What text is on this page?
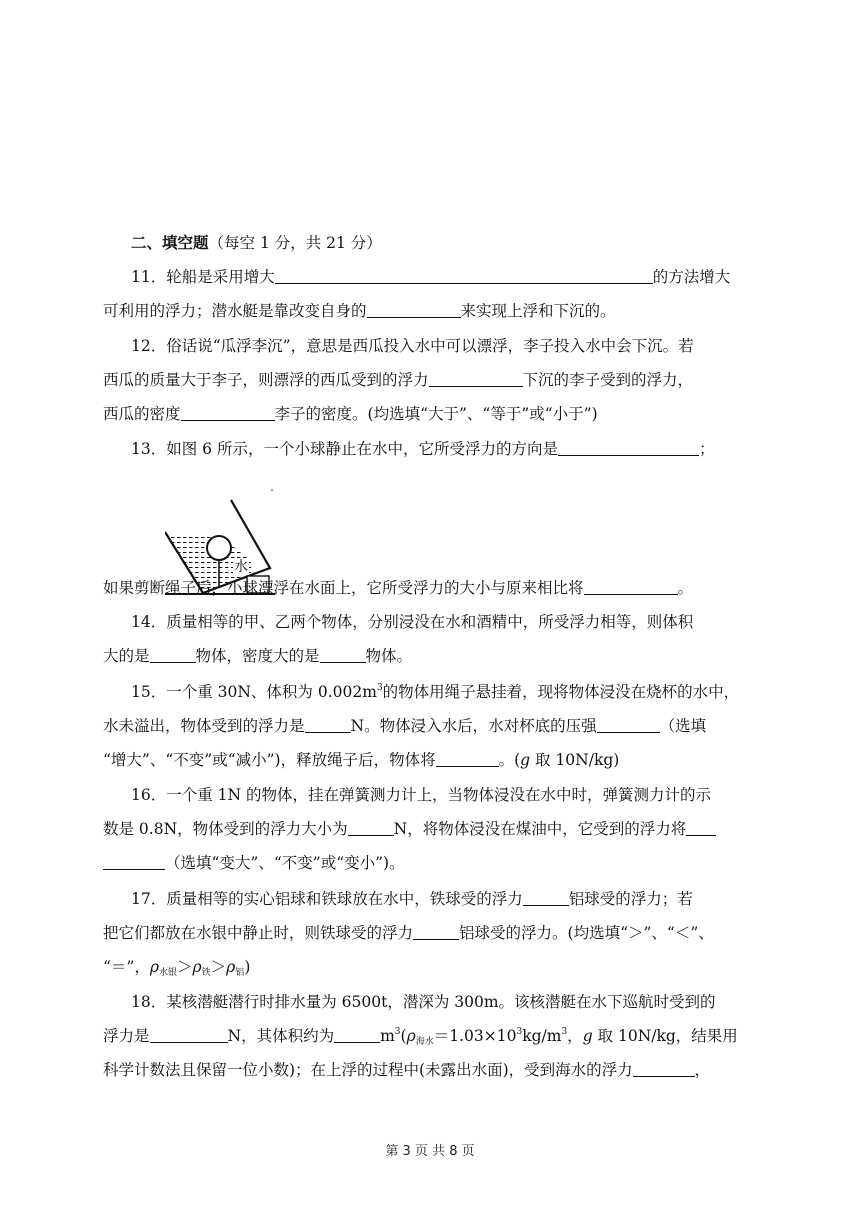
二、填空题（每空 1 分，共 21 分）
11．轮船是采用增大	的方法增大
可利用的浮力；潜水艇是靠改变自身的	来实现上浮和下沉的。
12．俗话说“瓜浮李沉”，意思是西瓜投入水中可以漂浮，李子投入水中会下沉。若
西瓜的质量大于李子，则漂浮的西瓜受到的浮力	下沉的李子受到的浮力，
西瓜的密度	李子的密度。(均选填“大于”、“等于”或“小于”)
13．如图 6 所示，一个小球静止在水中，它所受浮力的方向是	；
水
如果剪断绳子后，小球漂浮在水面上，它所受浮力的大小与原来相比将	。
14．质量相等的甲、乙两个物体，分别浸没在水和酒精中，所受浮力相等，则体积
大的是	物体，密度大的是	物体。
15．一个重 30N、体积为 $0.002m^3$的物体用绳子悬挂着，现将物体浸没在烧杯的水中，
水未溢出，物体受到的浮力是	N。物体浸入水后，水对杯底的压强	（选填
“增大”、“不变”或“减小”)，释放绳子后，物体将	。(g 取 10N/kg)
16．一个重 1N 的物体，挂在弹簧测力计上，当物体浸没在水中时，弹簧测力计的示
数是 0.8N，物体受到的浮力大小为	N，将物体浸没在煤油中，它受到的浮力将
（选填“变大”、“不变”或“变小”)。
17．质量相等的实心铝球和铁球放在水中，铁球受的浮力	铝球受的浮力；若
把它们都放在水银中静止时，则铁球受的浮力	铝球受的浮力。(均选填“＞”、“＜”、
“＝”，$\rho_{水银}>\rho_铁>\rho_铝$)
18．某核潜艇潜行时排水量为 6500t，潜深为 300m。该核潜艇在水下巡航时受到的
浮力是	N，其体积约为	$m^3(\rho_{海水}=1.03\times 10^3kg/m^3$，g 取 10N/kg，结果用
科学计数法且保留一位小数)；在上浮的过程中(未露出水面)，受到海水的浮力	，
第 3 页 共 8 页
